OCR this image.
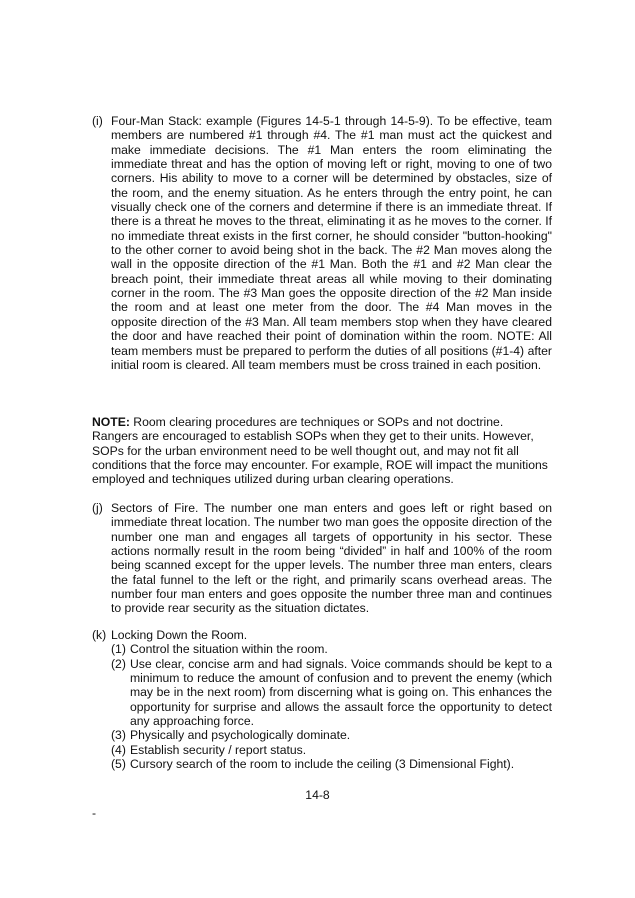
(i) Four-Man Stack: example (Figures 14-5-1 through 14-5-9). To be effective, team members are numbered #1 through #4. The #1 man must act the quickest and make immediate decisions. The #1 Man enters the room eliminating the immediate threat and has the option of moving left or right, moving to one of two corners. His ability to move to a corner will be determined by obstacles, size of the room, and the enemy situation. As he enters through the entry point, he can visually check one of the corners and determine if there is an immediate threat. If there is a threat he moves to the threat, eliminating it as he moves to the corner. If no immediate threat exists in the first corner, he should consider "button-hooking" to the other corner to avoid being shot in the back. The #2 Man moves along the wall in the opposite direction of the #1 Man. Both the #1 and #2 Man clear the breach point, their immediate threat areas all while moving to their dominating corner in the room. The #3 Man goes the opposite direction of the #2 Man inside the room and at least one meter from the door. The #4 Man moves in the opposite direction of the #3 Man. All team members stop when they have cleared the door and have reached their point of domination within the room. NOTE: All team members must be prepared to perform the duties of all positions (#1-4) after initial room is cleared. All team members must be cross trained in each position.

NOTE: Room clearing procedures are techniques or SOPs and not doctrine. Rangers are encouraged to establish SOPs when they get to their units. However, SOPs for the urban environment need to be well thought out, and may not fit all conditions that the force may encounter. For example, ROE will impact the munitions employed and techniques utilized during urban clearing operations.

(j) Sectors of Fire. The number one man enters and goes left or right based on immediate threat location. The number two man goes the opposite direction of the number one man and engages all targets of opportunity in his sector. These actions normally result in the room being “divided” in half and 100% of the room being scanned except for the upper levels. The number three man enters, clears the fatal funnel to the left or the right, and primarily scans overhead areas. The number four man enters and goes opposite the number three man and continues to provide rear security as the situation dictates.

(k) Locking Down the Room.

(1) Control the situation within the room.

(2) Use clear, concise arm and had signals. Voice commands should be kept to a minimum to reduce the amount of confusion and to prevent the enemy (which may be in the next room) from discerning what is going on. This enhances the opportunity for surprise and allows the assault force the opportunity to detect any approaching force.

(3) Physically and psychologically dominate.

(4) Establish security / report status.

(5) Cursory search of the room to include the ceiling (3 Dimensional Fight).

14-8
-
